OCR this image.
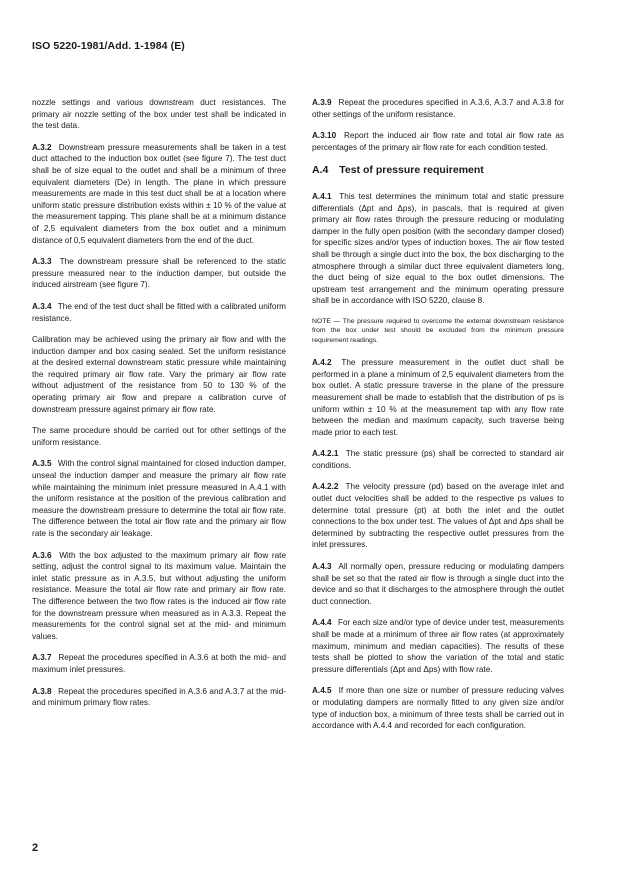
ISO 5220-1981/Add. 1-1984 (E)

nozzle settings and various downstream duct resistances. The primary air nozzle setting of the box under test shall be indicated in the test data.

A.3.2 Downstream pressure measurements shall be taken in a test duct attached to the induction box outlet (see figure 7). The test duct shall be of size equal to the outlet and shall be a minimum of three equivalent diameters (De) in length. The plane in which pressure measurements are made in this test duct shall be at a location where uniform static pressure distribution exists within ± 10 % of the value at the measurement tapping. This plane shall be at a minimum distance of 2,5 equivalent diameters from the box outlet and a minimum distance of 0,5 equivalent diameters from the end of the duct.

A.3.3 The downstream pressure shall be referenced to the static pressure measured near to the induction damper, but outside the induced airstream (see figure 7).

A.3.4 The end of the test duct shall be fitted with a calibrated uniform resistance.

Calibration may be achieved using the primary air flow and with the induction damper and box casing sealed. Set the uniform resistance at the desired external downstream static pressure while maintaining the required primary air flow rate. Vary the primary air flow rate without adjustment of the resistance from 50 to 130 % of the operating primary air flow and prepare a calibration curve of downstream pressure against primary air flow rate.

The same procedure should be carried out for other settings of the uniform resistance.

A.3.5 With the control signal maintained for closed induction damper, unseal the induction damper and measure the primary air flow rate while maintaining the minimum inlet pressure measured in A.4.1 with the uniform resistance at the position of the previous calibration and measure the downstream pressure to determine the total air flow rate. The difference between the total air flow rate and the primary air flow rate is the secondary air leakage.

A.3.6 With the box adjusted to the maximum primary air flow rate setting, adjust the control signal to its maximum value. Maintain the inlet static pressure as in A.3.5, but without adjusting the uniform resistance. Measure the total air flow rate and primary air flow rate. The difference between the two flow rates is the induced air flow rate for the downstream pressure when measured as in A.3.3. Repeat the measurements for the control signal set at the mid- and minimum values.

A.3.7 Repeat the procedures specified in A.3.6 at both the mid- and maximum inlet pressures.

A.3.8 Repeat the procedures specified in A.3.6 and A.3.7 at the mid- and minimum primary flow rates.

A.3.9 Repeat the procedures specified in A.3.6, A.3.7 and A.3.8 for other settings of the uniform resistance.

A.3.10 Report the induced air flow rate and total air flow rate as percentages of the primary air flow rate for each condition tested.

A.4 Test of pressure requirement

A.4.1 This test determines the minimum total and static pressure differentials (Δpt and Δps), in pascals, that is required at given primary air flow rates through the pressure reducing or modulating damper in the fully open position (with the secondary damper closed) for specific sizes and/or types of induction boxes. The air flow tested shall be through a single duct into the box, the box discharging to the atmosphere through a similar duct three equivalent diameters long, the duct being of size equal to the box outlet dimensions. The upstream test arrangement and the minimum operating pressure shall be in accordance with ISO 5220, clause 8.

NOTE — The pressure required to overcome the external downstream resistance from the box under test should be excluded from the minimum pressure requirement readings.

A.4.2 The pressure measurement in the outlet duct shall be performed in a plane a minimum of 2,5 equivalent diameters from the box outlet. A static pressure traverse in the plane of the pressure measurement shall be made to establish that the distribution of ps is uniform within ± 10 % at the measurement tap with any flow rate between the median and maximum capacity, such traverse being made prior to each test.

A.4.2.1 The static pressure (ps) shall be corrected to standard air conditions.

A.4.2.2 The velocity pressure (pd) based on the average inlet and outlet duct velocities shall be added to the respective ps values to determine total pressure (pt) at both the inlet and the outlet connections to the box under test. The values of Δpt and Δps shall be determined by subtracting the respective outlet pressures from the inlet pressures.

A.4.3 All normally open, pressure reducing or modulating dampers shall be set so that the rated air flow is through a single duct into the device and so that it discharges to the atmosphere through the outlet duct connection.

A.4.4 For each size and/or type of device under test, measurements shall be made at a minimum of three air flow rates (at approximately maximum, minimum and median capacities). The results of these tests shall be plotted to show the variation of the total and static pressure differentials (Δpt and Δps) with flow rate.

A.4.5 If more than one size or number of pressure reducing valves or modulating dampers are normally fitted to any given size and/or type of induction box, a minimum of three tests shall be carried out in accordance with A.4.4 and recorded for each configuration.

2
